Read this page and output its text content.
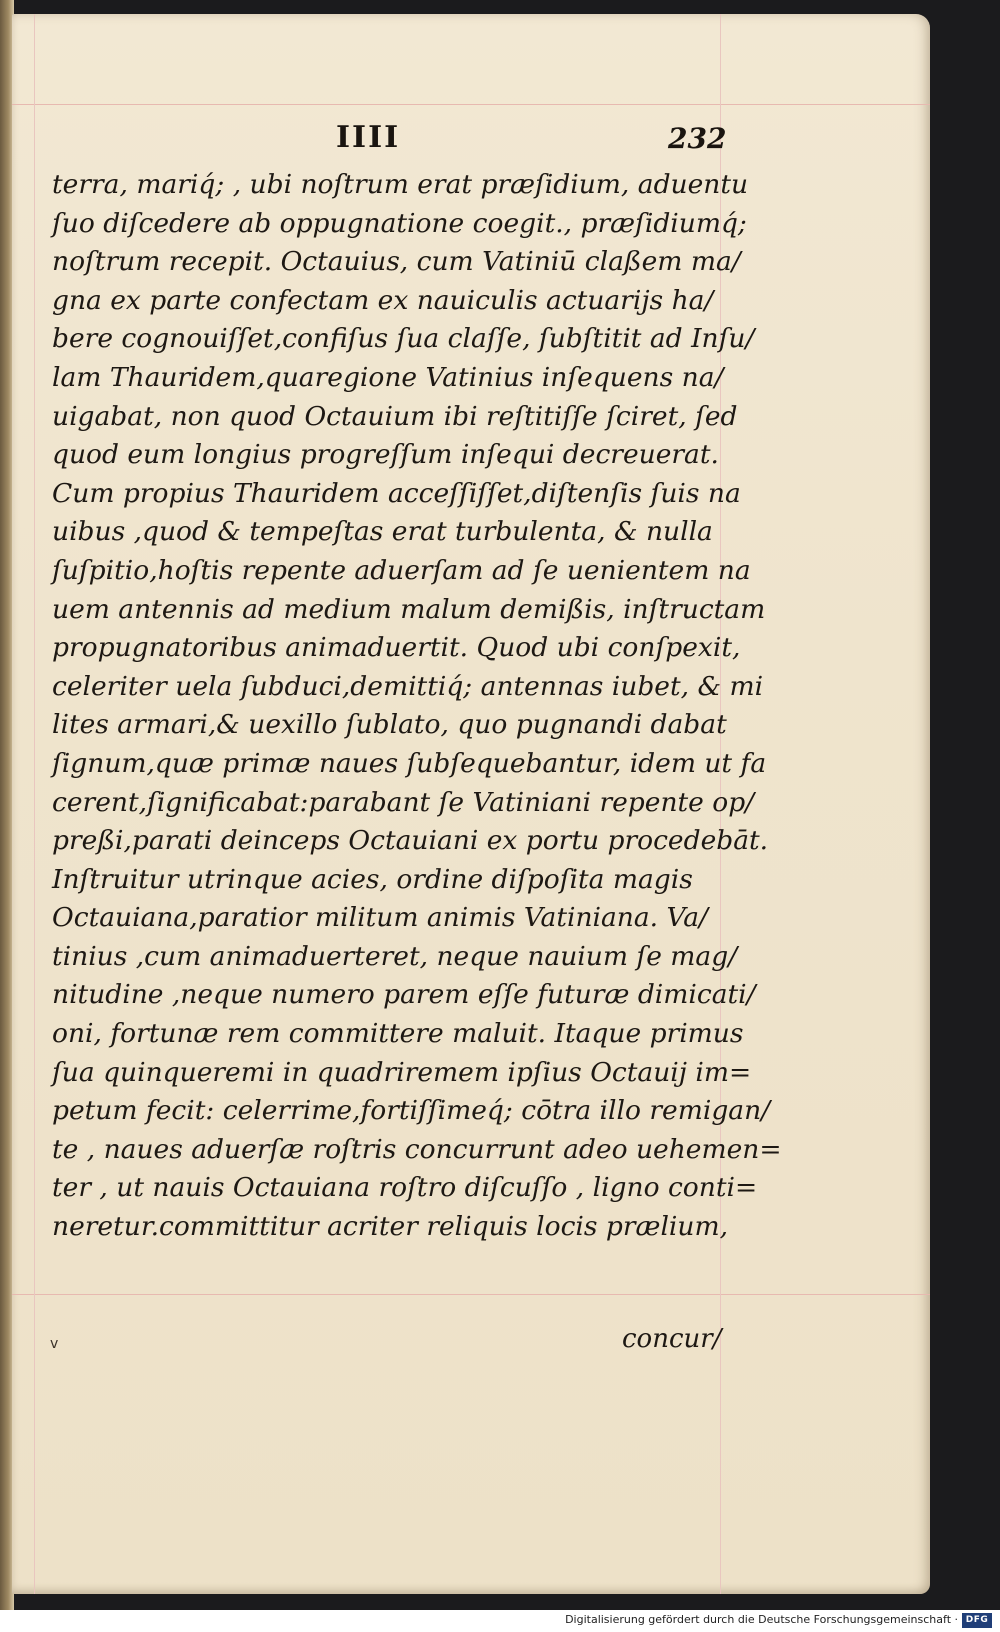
IIII	232
terra, mariq́; , ubi noſtrum erat præſidium, aduentu
ſuo diſcedere ab oppugnatione coegit., præſidiumq́;
noſtrum recepit. Octauius, cum Vatiniū claßem ma/
gna ex parte confectam ex nauiculis actuarijs ha/
bere cognouiſſet,confiſus ſua claſſe, ſubſtitit ad Inſu/
lam Thauridem,quaregione Vatinius inſequens na/
uigabat, non quod Octauium ibi reſtitiſſe ſciret, ſed
quod eum longius progreſſum inſequi decreuerat.
Cum propius Thauridem acceſſiſſet,diſtenſis ſuis na
uibus ,quod & tempeſtas erat turbulenta, & nulla
ſuſpitio,hoſtis repente aduerſam ad ſe uenientem na
uem antennis ad medium malum demißis, inſtructam
propugnatoribus animaduertit. Quod ubi conſpexit,
celeriter uela ſubduci,demittiq́; antennas iubet, & mi
lites armari,& uexillo ſublato, quo pugnandi dabat
ſignum,quæ primæ naues ſubſequebantur, idem ut fa
cerent,ſignificabat:parabant ſe Vatiniani repente op/
preßi,parati deinceps Octauiani ex portu procedebāt.
Inſtruitur utrinque acies, ordine diſpoſita magis
Octauiana,paratior militum animis Vatiniana. Va/
tinius ,cum animaduerteret, neque nauium ſe mag/
nitudine ,neque numero parem eſſe futuræ dimicati/
oni, fortunæ rem committere maluit. Itaque primus
ſua quinqueremi in quadriremem ipſius Octauij im=
petum fecit: celerrime,fortiſſimeq́; cōtra illo remigan/
te , naues aduerſæ roſtris concurrunt adeo uehemen=
ter , ut nauis Octauiana roſtro diſcuſſo , ligno conti=
neretur.committitur acriter reliquis locis prælium,
v	concur/
Digitalisierung gefördert durch die Deutsche Forschungsgemeinschaft · DFG
